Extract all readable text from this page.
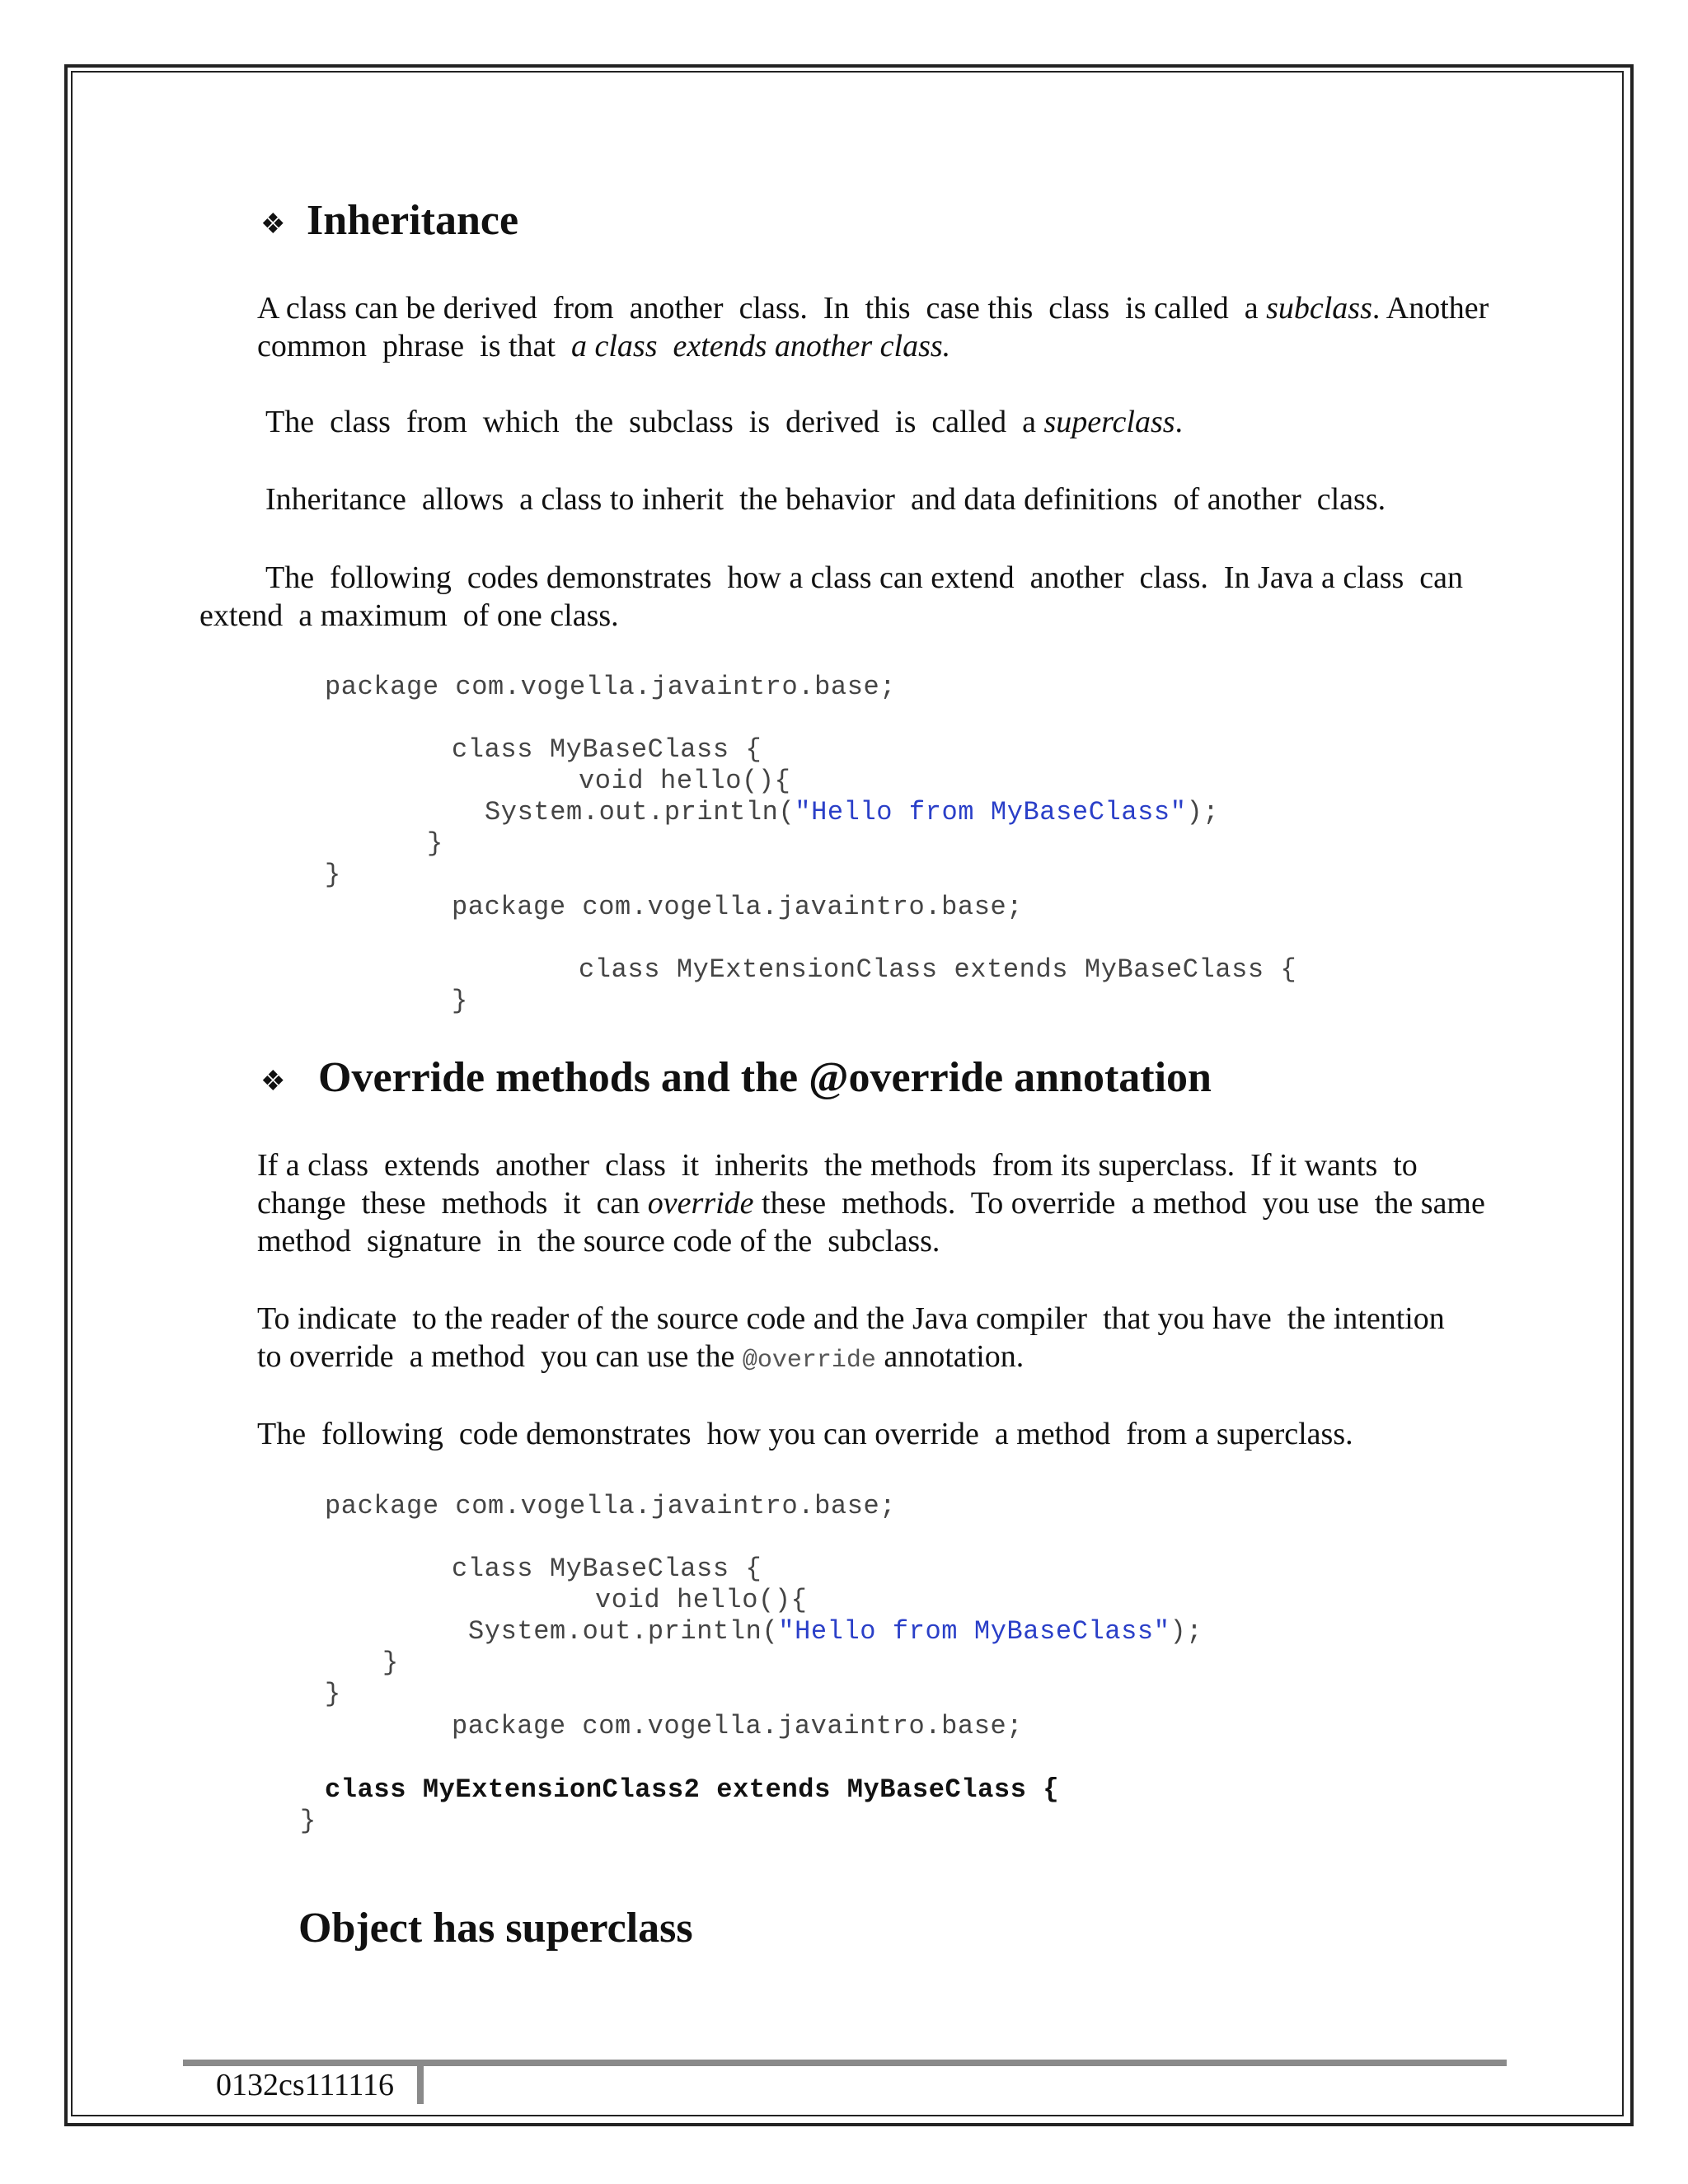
❖ Inheritance
A class can be derived  from  another  class.  In  this  case this  class  is called  a subclass. Another
common  phrase  is that  a class  extends another class.
The  class  from  which  the  subclass  is  derived  is  called  a superclass.
Inheritance  allows  a class to inherit  the behavior  and data definitions  of another  class.
The  following  codes demonstrates  how a class can extend  another  class.  In Java a class  can
extend  a maximum  of one class.
package com.vogella.javaintro.base;
class MyBaseClass {
void hello(){
System.out.println("Hello from MyBaseClass");
}
}
package com.vogella.javaintro.base;
class MyExtensionClass extends MyBaseClass {
}
❖ Override methods and the @override annotation
If a class  extends  another  class  it  inherits  the methods  from its superclass.  If it wants  to
change  these  methods  it  can override these  methods.  To override  a method  you use  the same
method  signature  in  the source code of the  subclass.
To indicate  to the reader of the source code and the Java compiler  that you have  the intention
to override  a method  you can use the @override annotation.
The  following  code demonstrates  how you can override  a method  from a superclass.
package com.vogella.javaintro.base;
class MyBaseClass {
void hello(){
System.out.println("Hello from MyBaseClass");
}
}
package com.vogella.javaintro.base;
class MyExtensionClass2 extends MyBaseClass {
}
Object has superclass
0132cs111116
